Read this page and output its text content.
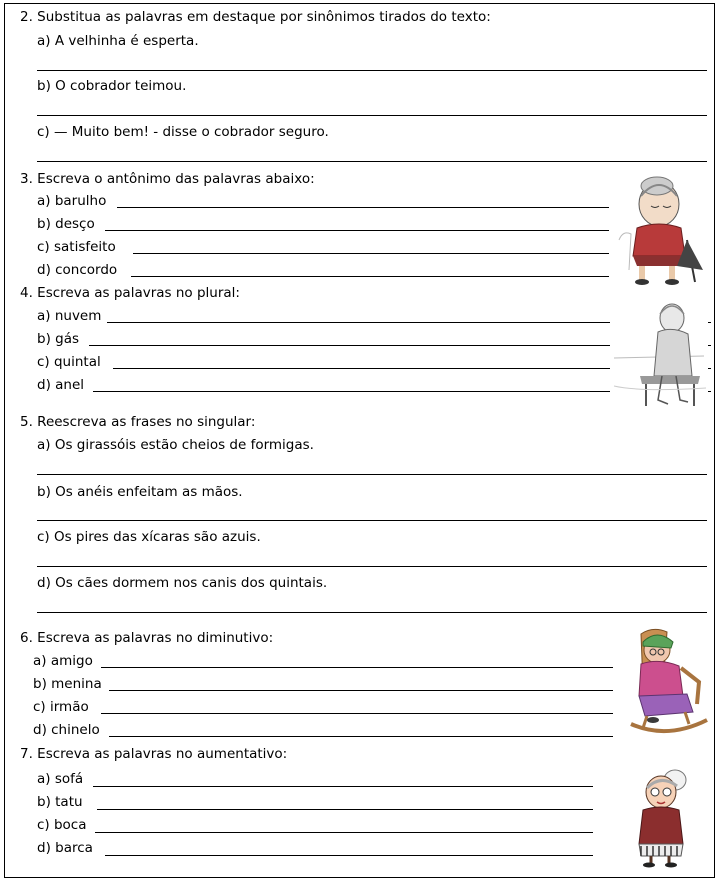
2. Substitua as palavras em destaque por sinônimos tirados do texto:
a) A velhinha é esperta.
b) O cobrador teimou.
c) — Muito bem! - disse o cobrador seguro.
3. Escreva o antônimo das palavras abaixo:
a) barulho
b) desço
c) satisfeito
d) concordo
4. Escreva as palavras no plural:
a) nuvem
b) gás
c) quintal
d) anel
5. Reescreva as frases no singular:
a) Os girassóis estão cheios de formigas.
b) Os anéis enfeitam as mãos.
c) Os pires das xícaras são azuis.
d) Os cães dormem nos canis dos quintais.
6. Escreva as palavras no diminutivo:
a) amigo
b) menina
c) irmão
d) chinelo
7. Escreva as palavras no aumentativo:
a) sofá
b) tatu
c) boca
d) barca
